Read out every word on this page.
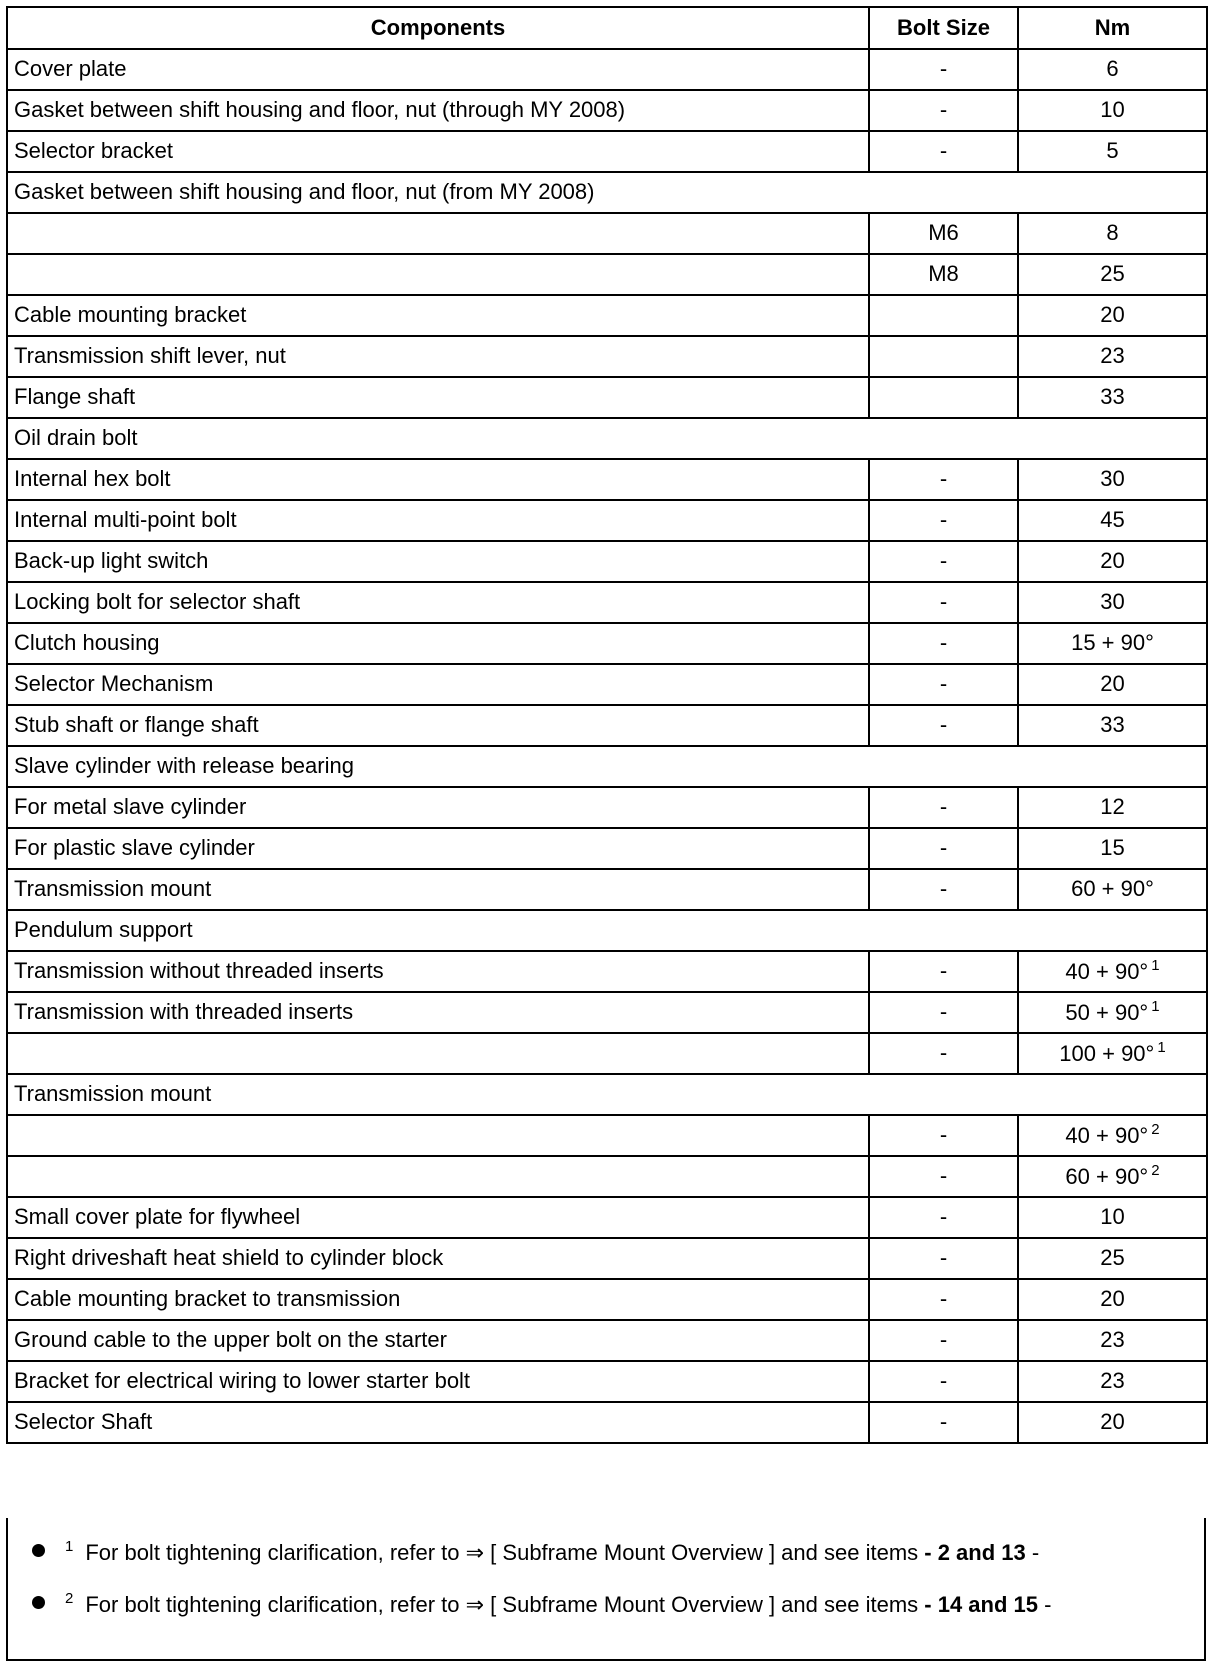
Components	Bolt Size	Nm
Cover plate	-	6
Gasket between shift housing and floor, nut (through MY 2008)	-	10
Selector bracket	-	5
Gasket between shift housing and floor, nut (from MY 2008)		
	M6	8
	M8	25
Cable mounting bracket		20
Transmission shift lever, nut		23
Flange shaft		33
Oil drain bolt		
Internal hex bolt	-	30
Internal multi-point bolt	-	45
Back-up light switch	-	20
Locking bolt for selector shaft	-	30
Clutch housing	-	15 + 90°
Selector Mechanism	-	20
Stub shaft or flange shaft	-	33
Slave cylinder with release bearing		
For metal slave cylinder	-	12
For plastic slave cylinder	-	15
Transmission mount	-	60 + 90°
Pendulum support		
Transmission without threaded inserts	-	40 + 90° $^1$
Transmission with threaded inserts	-	50 + 90° $^1$
	-	100 + 90° $^1$
Transmission mount		
	-	40 + 90° $^2$
	-	60 + 90° $^2$
Small cover plate for flywheel	-	10
Right driveshaft heat shield to cylinder block	-	25
Cable mounting bracket to transmission	-	20
Ground cable to the upper bolt on the starter	-	23
Bracket for electrical wiring to lower starter bolt	-	23
Selector Shaft	-	20
$^1$ For bolt tightening clarification, refer to ⇒ [ Subframe Mount Overview ] and see items - 2 and 13 -
$^2$ For bolt tightening clarification, refer to ⇒ [ Subframe Mount Overview ] and see items - 14 and 15 -
